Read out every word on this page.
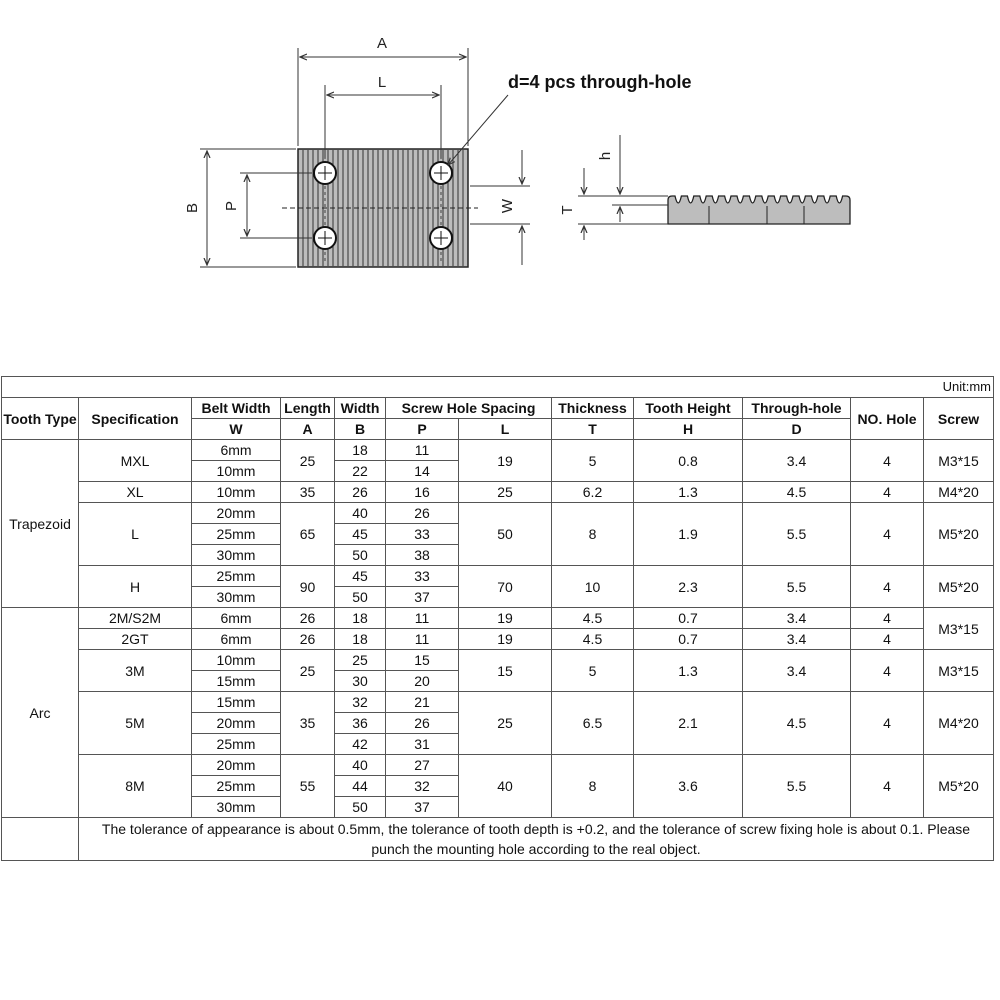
A
L
B P	W
d=4 pcs through-hole
T
h
Unit:mm											
Tooth Type	Specification	Belt Width	Length	Width	Screw Hole Spacing		Thickness	Tooth Height	Through-hole	NO. Hole	Screw
		W	A	B	P	L	T	H	D		
Trapezoid	MXL	6mm	25	18	11	19	5	0.8	3.4	4	M3*15
		10mm		22	14						
	XL	10mm	35	26	16	25	6.2	1.3	4.5	4	M4*20
	L	20mm	65	40	26	50	8	1.9	5.5	4	M5*20
		25mm		45	33						
		30mm		50	38						
	H	25mm	90	45	33	70	10	2.3	5.5	4	M5*20
		30mm		50	37						
Arc	2M/S2M	6mm	26	18	11	19	4.5	0.7	3.4	4	M3*15
	2GT	6mm	26	18	11	19	4.5	0.7	3.4	4	
	3M	10mm	25	25	15	15	5	1.3	3.4	4	M3*15
		15mm		30	20						
	5M	15mm	35	32	21	25	6.5	2.1	4.5	4	M4*20
		20mm		36	26						
		25mm		42	31						
	8M	20mm	55	40	27	40	8	3.6	5.5	4	M5*20
		25mm		44	32						
		30mm		50	37						
	The tolerance of appearance is about 0.5mm, the tolerance of tooth depth is +0.2, and the tolerance of screw fixing hole is about 0.1. Please punch the mounting hole according to the real object.										
